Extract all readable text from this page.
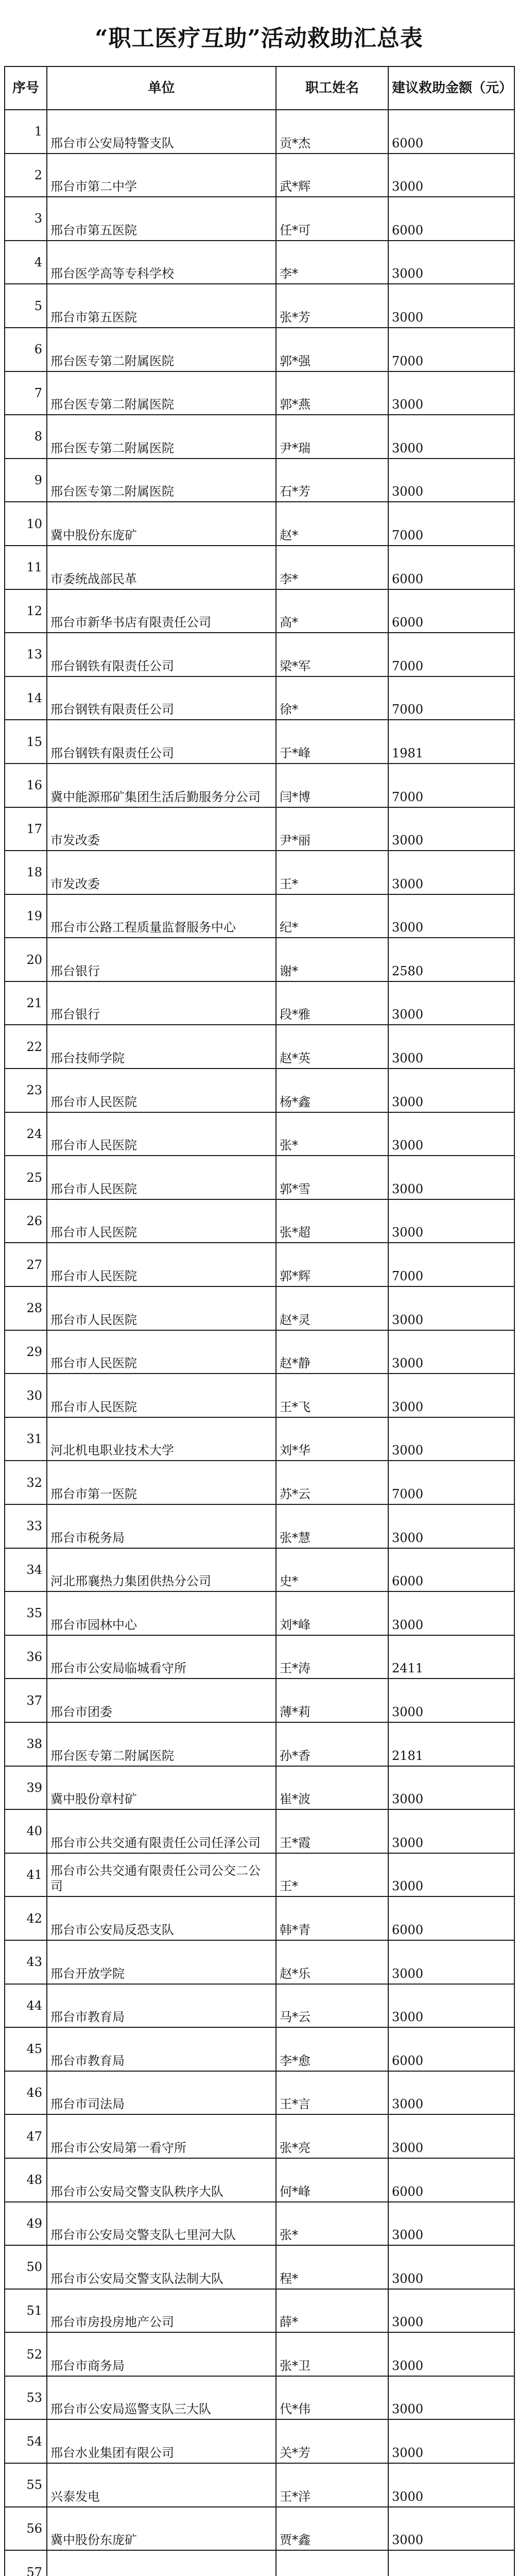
“职工医疗互助”活动救助汇总表
序号	单位	职工姓名	建议救助金额（元）
1	邢台市公安局特警支队	贡*杰	6000
2	邢台市第二中学	武*辉	3000
3	邢台市第五医院	任*可	6000
4	邢台医学高等专科学校	李*	3000
5	邢台市第五医院	张*芳	3000
6	邢台医专第二附属医院	郭*强	7000
7	邢台医专第二附属医院	郭*燕	3000
8	邢台医专第二附属医院	尹*瑞	3000
9	邢台医专第二附属医院	石*芳	3000
10	冀中股份东庞矿	赵*	7000
11	市委统战部民革	李*	6000
12	邢台市新华书店有限责任公司	高*	6000
13	邢台钢铁有限责任公司	梁*军	7000
14	邢台钢铁有限责任公司	徐*	7000
15	邢台钢铁有限责任公司	于*峰	1981
16	冀中能源邢矿集团生活后勤服务分公司	闫*博	7000
17	市发改委	尹*丽	3000
18	市发改委	王*	3000
19	邢台市公路工程质量监督服务中心	纪*	3000
20	邢台银行	谢*	2580
21	邢台银行	段*雅	3000
22	邢台技师学院	赵*英	3000
23	邢台市人民医院	杨*鑫	3000
24	邢台市人民医院	张*	3000
25	邢台市人民医院	郭*雪	3000
26	邢台市人民医院	张*超	3000
27	邢台市人民医院	郭*辉	7000
28	邢台市人民医院	赵*灵	3000
29	邢台市人民医院	赵*静	3000
30	邢台市人民医院	王*飞	3000
31	河北机电职业技术大学	刘*华	3000
32	邢台市第一医院	苏*云	7000
33	邢台市税务局	张*慧	3000
34	河北邢襄热力集团供热分公司	史*	6000
35	邢台市园林中心	刘*峰	3000
36	邢台市公安局临城看守所	王*涛	2411
37	邢台市团委	薄*莉	3000
38	邢台医专第二附属医院	孙*香	2181
39	冀中股份章村矿	崔*波	3000
40	邢台市公共交通有限责任公司任泽公司	王*霞	3000
41	邢台市公共交通有限责任公司公交二公司	王*	3000
42	邢台市公安局反恐支队	韩*青	6000
43	邢台开放学院	赵*乐	3000
44	邢台市教育局	马*云	3000
45	邢台市教育局	李*愈	6000
46	邢台市司法局	王*言	3000
47	邢台市公安局第一看守所	张*亮	3000
48	邢台市公安局交警支队秩序大队	何*峰	6000
49	邢台市公安局交警支队七里河大队	张*	3000
50	邢台市公安局交警支队法制大队	程*	3000
51	邢台市房投房地产公司	薛*	3000
52	邢台市商务局	张*卫	3000
53	邢台市公安局巡警支队三大队	代*伟	3000
54	邢台水业集团有限公司	关*芳	3000
55	兴泰发电	王*洋	3000
56	冀中股份东庞矿	贾*鑫	3000
57			
